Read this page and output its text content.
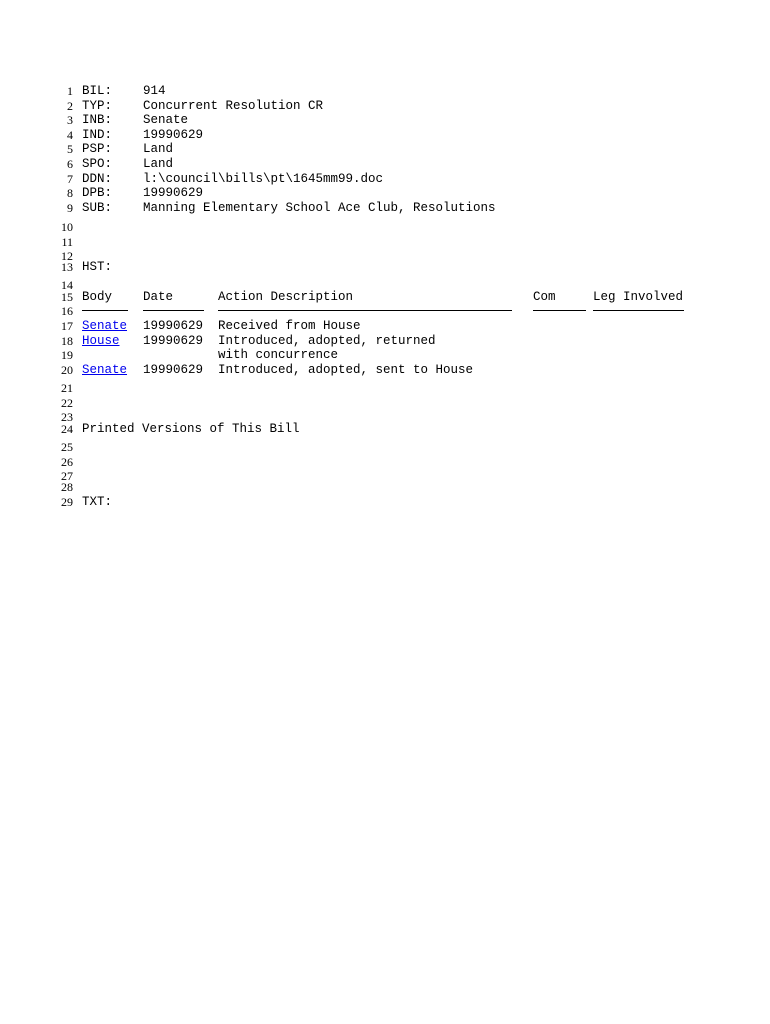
1 BIL: 914
2 TYP: Concurrent Resolution CR
3 INB: Senate
4 IND: 19990629
5 PSP: Land
6 SPO: Land
7 DDN: l:\council\bills\pt\1645mm99.doc
8 DPB: 19990629
9 SUB: Manning Elementary School Ace Club, Resolutions
10
11
12
13 HST:
14
15 Body Date	Action Description	Com	Leg Involved
16
17 Senate 19990629 Received from House
18 House 19990629 Introduced, adopted, returned
19	with concurrence
20 Senate 19990629 Introduced, adopted, sent to House
21
22
23
24 Printed Versions of This Bill
25
26
27
28
29 TXT:
